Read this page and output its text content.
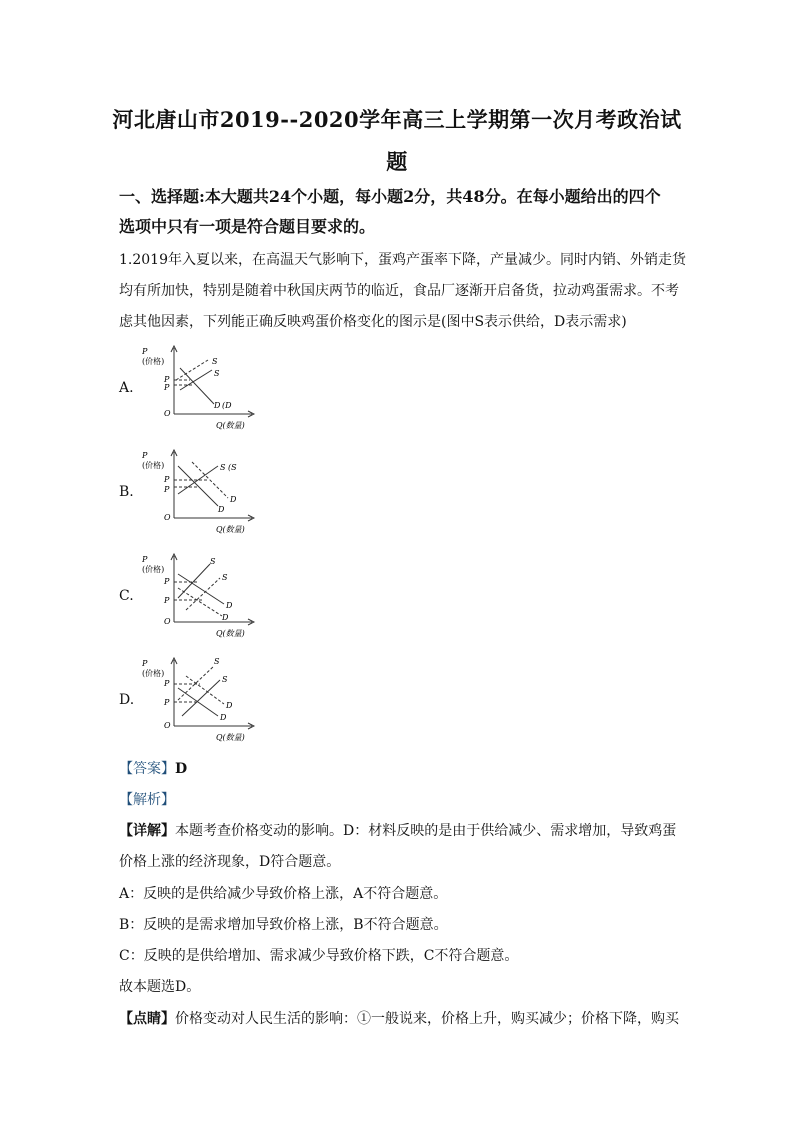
河北唐山市2019--2020学年高三上学期第一次月考政治试
题
一、选择题:本大题共24个小题，每小题2分，共48分。在每小题给出的四个
选项中只有一项是符合题目要求的。
1.2019年入夏以来，在高温天气影响下，蛋鸡产蛋率下降，产量减少。同时内销、外销走货
均有所加快，特别是随着中秋国庆两节的临近，食品厂逐渐开启备货，拉动鸡蛋需求。不考
虑其他因素，下列能正确反映鸡蛋价格变化的图示是(图中S表示供给，D表示需求)
A.
P
(价格)
P
P
O
S
S
D (D
Q(数量)
B.
P
(价格)
P
P
O
S (S
D
D
Q(数量)
C.
P
(价格)
P
P
O
S
S
D
D
Q(数量)
D.
P
(价格)
P
P
O
S
S
D
D
Q(数量)
【答案】D
【解析】
【详解】本题考查价格变动的影响。D：材料反映的是由于供给减少、需求增加，导致鸡蛋
价格上涨的经济现象，D符合题意。
A：反映的是供给减少导致价格上涨，A不符合题意。
B：反映的是需求增加导致价格上涨，B不符合题意。
C：反映的是供给增加、需求减少导致价格下跌，C不符合题意。
故本题选D。
【点睛】价格变动对人民生活的影响：①一般说来，价格上升，购买减少；价格下降，购买
